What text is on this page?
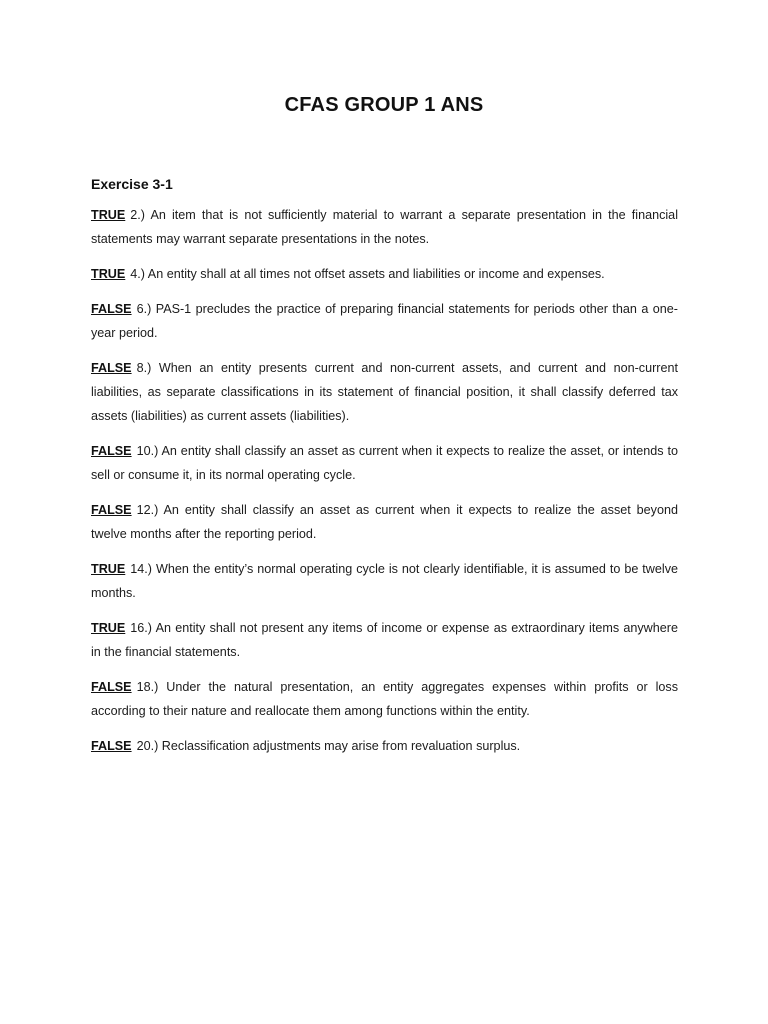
CFAS GROUP 1 ANS
Exercise 3-1

TRUE 2.) An item that is not sufficiently material to warrant a separate presentation in the financial statements may warrant separate presentations in the notes.

TRUE 4.) An entity shall at all times not offset assets and liabilities or income and expenses.

FALSE 6.) PAS-1 precludes the practice of preparing financial statements for periods other than a one-year period.

FALSE 8.) When an entity presents current and non-current assets, and current and non-current liabilities, as separate classifications in its statement of financial position, it shall classify deferred tax assets (liabilities) as current assets (liabilities).

FALSE 10.) An entity shall classify an asset as current when it expects to realize the asset, or intends to sell or consume it, in its normal operating cycle.

FALSE 12.) An entity shall classify an asset as current when it expects to realize the asset beyond twelve months after the reporting period.

TRUE 14.) When the entity’s normal operating cycle is not clearly identifiable, it is assumed to be twelve months.

TRUE 16.) An entity shall not present any items of income or expense as extraordinary items anywhere in the financial statements.

FALSE 18.) Under the natural presentation, an entity aggregates expenses within profits or loss according to their nature and reallocate them among functions within the entity.

FALSE 20.) Reclassification adjustments may arise from revaluation surplus.
